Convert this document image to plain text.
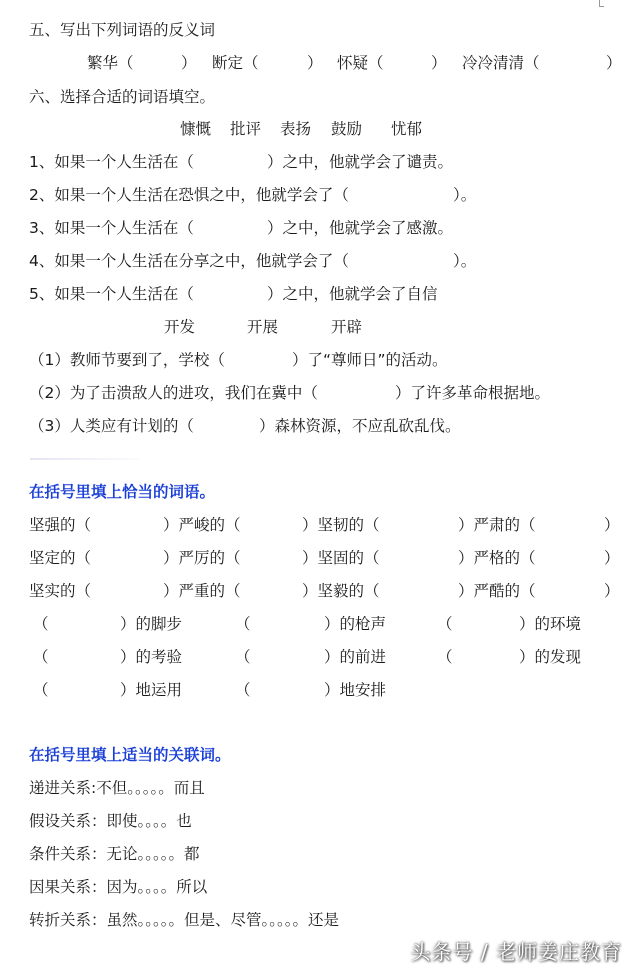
五、写出下列词语的反义词
繁华（	） 断定（	） 怀疑（	） 冷冷清清（	）
六、选择合适的词语填空。
慷慨 批评 表扬 鼓励 忧郁
1、如果一个人生活在（	）之中，他就学会了谴责。
2、如果一个人生活在恐惧之中，他就学会了（	）。
3、如果一个人生活在（	）之中，他就学会了感激。
4、如果一个人生活在分享之中，他就学会了（	）。
5、如果一个人生活在（	）之中，他就学会了自信
开发	开展	开辟
（1）教师节要到了，学校（	）了“尊师日”的活动。
（2）为了击溃敌人的进攻，我们在冀中（	）了许多革命根据地。
（3）人类应有计划的（	）森林资源，不应乱砍乱伐。
在括号里填上恰当的词语。
坚强的（	）严峻的（	）坚韧的（	）严肃的（	）
坚定的（	）严厉的（	）坚固的（	）严格的（	）
坚实的（	）严重的（	）坚毅的（	）严酷的（	）
（	）的脚步	（	）的枪声	（	）的环境
（	）的考验	（	）的前进	（	）的发现
（	）地运用	（	）地安排
在括号里填上适当的关联词。
递进关系:不但。。。。。而且
假设关系：即使。。。。也
条件关系：无论。。。。。都
因果关系：因为。。。。所以
转折关系：虽然。。。。。但是、尽管。。。。。还是
头条号 / 老师姜庄教育
